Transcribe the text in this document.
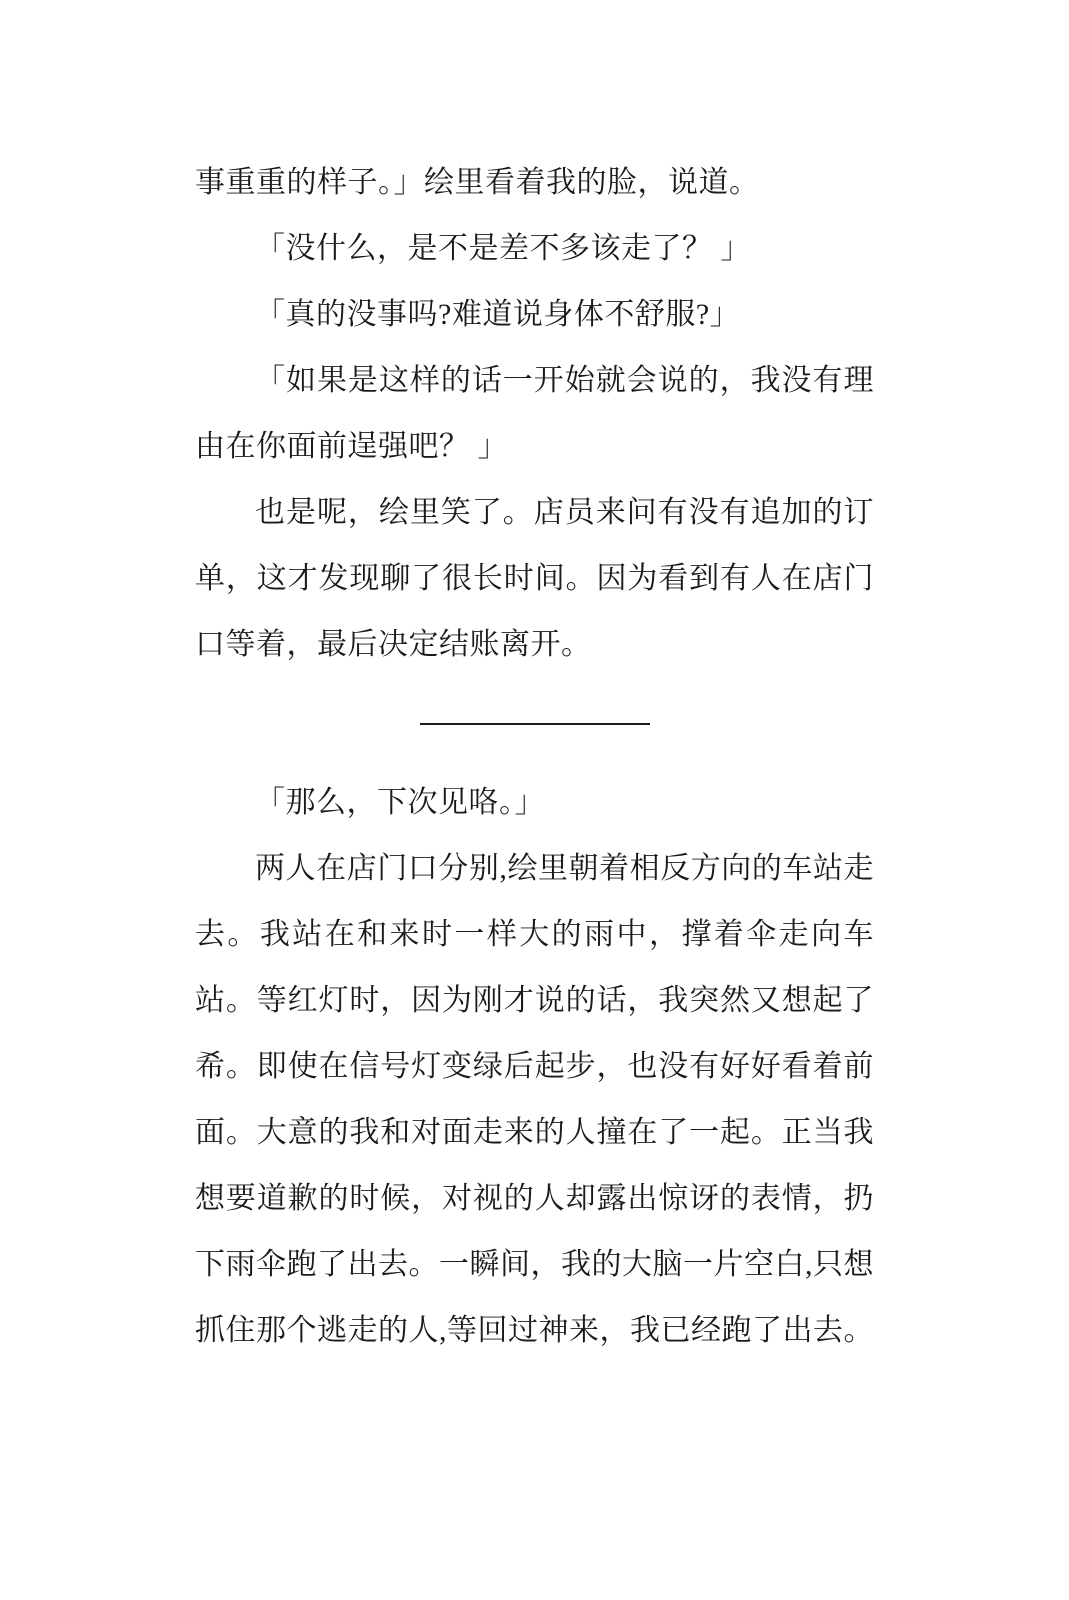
事重重的样子。」绘里看着我的脸，说道。

「没什么，是不是差不多该走了？ 」

「真的没事吗?难道说身体不舒服?」

「如果是这样的话一开始就会说的，我没有理由在你面前逞强吧？ 」

也是呢，绘里笑了。店员来问有没有追加的订单，这才发现聊了很长时间。因为看到有人在店门口等着，最后决定结账离开。

「那么，下次见咯。」

两人在店门口分别,绘里朝着相反方向的车站走去。我站在和来时一样大的雨中，撑着伞走向车站。等红灯时，因为刚才说的话，我突然又想起了希。即使在信号灯变绿后起步，也没有好好看着前面。大意的我和对面走来的人撞在了一起。正当我想要道歉的时候，对视的人却露出惊讶的表情，扔下雨伞跑了出去。一瞬间，我的大脑一片空白,只想抓住那个逃走的人,等回过神来，我已经跑了出去。
